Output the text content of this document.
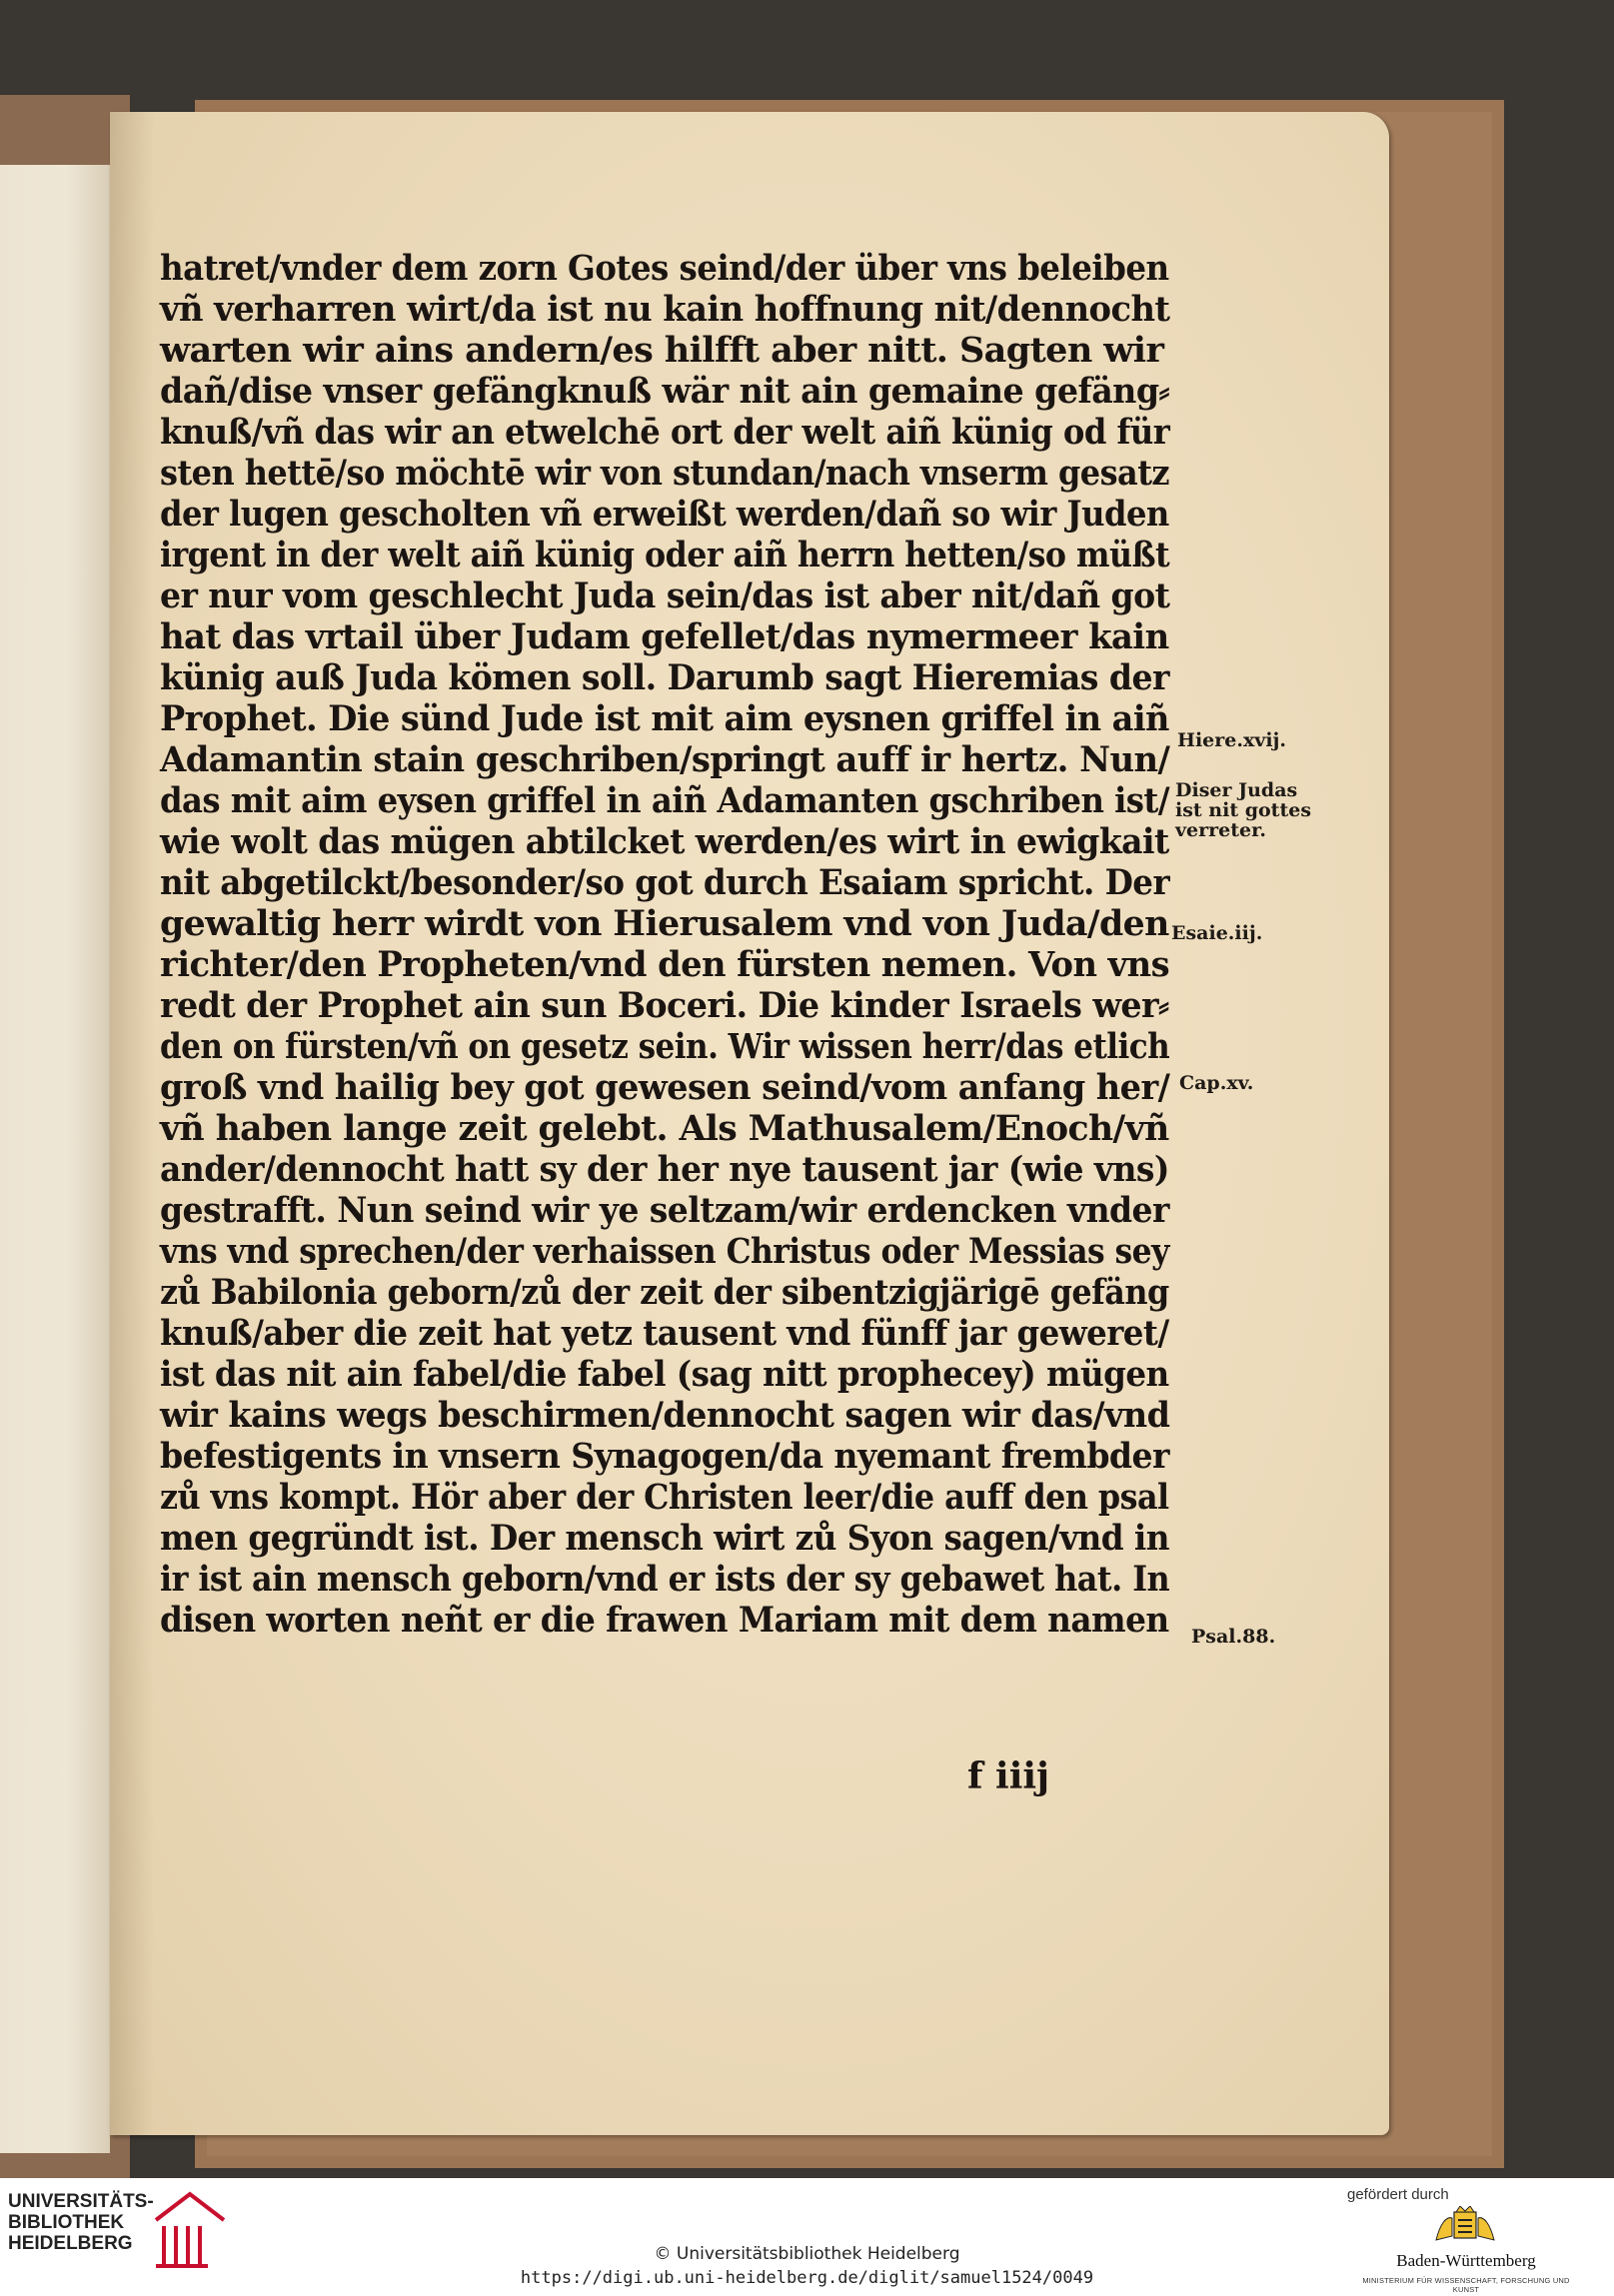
hatret/vnder dem zorn Gotes seind/der über vns beleiben
vñ verharren wirt/da ist nu kain hoffnung nit/dennocht
warten wir ains andern/es hilfft aber nitt. Sagten wir
dañ/dise vnser gefängknuß wär nit ain gemaine gefäng⸗
knuß/vñ das wir an etwelchē ort der welt aiñ künig od für
sten hettē/so möchtē wir von stundan/nach vnserm gesatz
der lugen gescholten vñ erweißt werden/dañ so wir Juden
irgent in der welt aiñ künig oder aiñ herrn hetten/so müßt
er nur vom geschlecht Juda sein/das ist aber nit/dañ got
hat das vrtail über Judam gefellet/das nymermeer kain
künig auß Juda kömen soll. Darumb sagt Hieremias der
Prophet. Die sünd Jude ist mit aim eysnen griffel in aiñ
Adamantin stain geschriben/springt auff ir hertz. Nun/
das mit aim eysen griffel in aiñ Adamanten gschriben ist/
wie wolt das mügen abtilcket werden/es wirt in ewigkait
nit abgetilckt/besonder/so got durch Esaiam spricht. Der
gewaltig herr wirdt von Hierusalem vnd von Juda/den
richter/den Propheten/vnd den fürsten nemen. Von vns
redt der Prophet ain sun Boceri. Die kinder Israels wer⸗
den on fürsten/vñ on gesetz sein. Wir wissen herr/das etlich
groß vnd hailig bey got gewesen seind/vom anfang her/
vñ haben lange zeit gelebt. Als Mathusalem/Enoch/vñ
ander/dennocht hatt sy der her nye tausent jar (wie vns)
gestrafft. Nun seind wir ye seltzam/wir erdencken vnder
vns vnd sprechen/der verhaissen Christus oder Messias sey
zů Babilonia geborn/zů der zeit der sibentzigjärigē gefäng
knuß/aber die zeit hat yetz tausent vnd fünff jar geweret/
ist das nit ain fabel/die fabel (sag nitt prophecey) mügen
wir kains wegs beschirmen/dennocht sagen wir das/vnd
befestigents in vnsern Synagogen/da nyemant frembder
zů vns kompt. Hör aber der Christen leer/die auff den psal
men gegründt ist. Der mensch wirt zů Syon sagen/vnd in
ir ist ain mensch geborn/vnd er ists der sy gebawet hat. In
disen worten neñt er die frawen Mariam mit dem namen
f iiij
Hiere.xvij.
Diser Judas
ist nit gottes
verreter.
Esaie.iij.
Cap.xv.
Psal.88.
UNIVERSITÄTS-
BIBLIOTHEK
HEIDELBERG	© Universitätsbibliothek Heidelberg
https://digi.ub.uni-heidelberg.de/diglit/samuel1524/0049
gefördert durch
Baden-Württemberg
MINISTERIUM FÜR WISSENSCHAFT, FORSCHUNG UND KUNST
